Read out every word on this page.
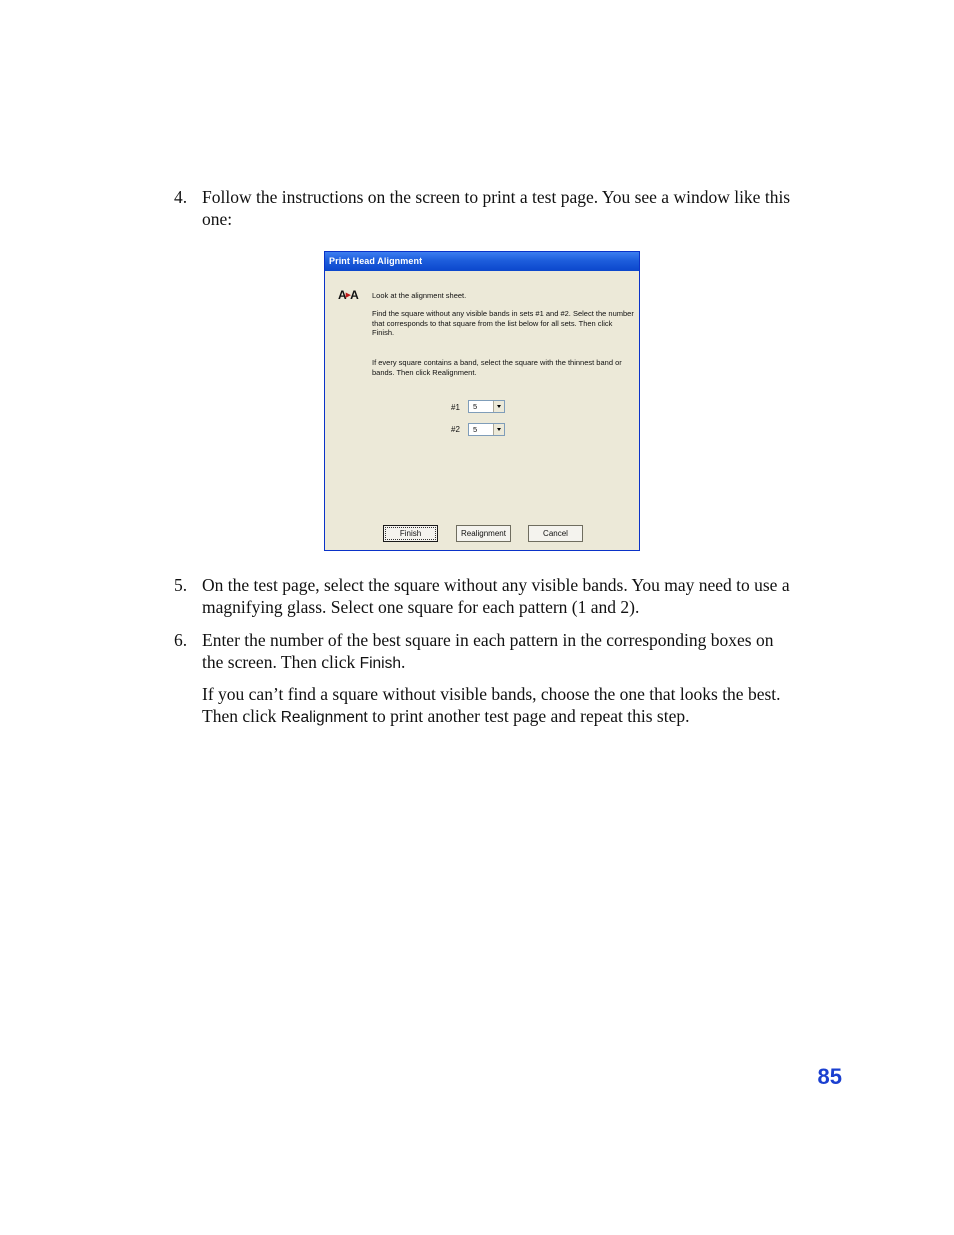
4. Follow the instructions on the screen to print a test page. You see a window like this one:
Print Head Alignment
A▶A Look at the alignment sheet.
Find the square without any visible bands in sets #1 and #2. Select the number that corresponds to that square from the list below for all sets. Then click Finish.
If every square contains a band, select the square with the thinnest band or bands. Then click Realignment.
#1 5
#2 5
Finish	Realignment	Cancel
5. On the test page, select the square without any visible bands. You may need to use a magnifying glass. Select one square for each pattern (1 and 2).
6. Enter the number of the best square in each pattern in the corresponding boxes on the screen. Then click Finish.
If you can’t find a square without visible bands, choose the one that looks the best. Then click Realignment to print another test page and repeat this step.
85
